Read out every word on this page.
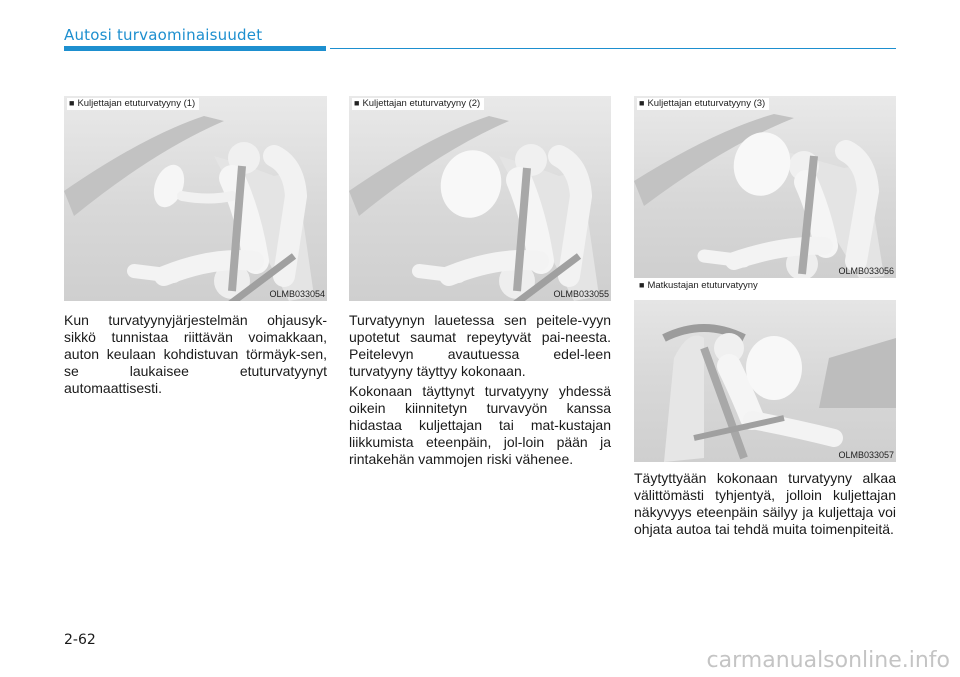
Autosi turvaominaisuudet
■ Kuljettajan etuturvatyyny (1)
OLMB033054
■ Kuljettajan etuturvatyyny (2)
OLMB033055
■ Kuljettajan etuturvatyyny (3)
OLMB033056
■ Matkustajan etuturvatyyny
OLMB033057

Kun turvatyynyjärjestelmän ohjausyk-sikkö tunnistaa riittävän voimakkaan, auton keulaan kohdistuvan törmäyk-sen, se laukaisee etuturvatyynyt automaattisesti.

Turvatyynyn lauetessa sen peitele-vyyn upotetut saumat repeytyvät pai-neesta. Peitelevyn avautuessa edel-leen turvatyyny täyttyy kokonaan.

Kokonaan täyttynyt turvatyyny yhdessä oikein kiinnitetyn turvavyön kanssa hidastaa kuljettajan tai mat-kustajan liikkumista eteenpäin, jol-loin pään ja rintakehän vammojen riski vähenee.

Täytyttyään kokonaan turvatyyny alkaa välittömästi tyhjentyä, jolloin kuljettajan näkyvyys eteenpäin säilyy ja kuljettaja voi ohjata autoa tai tehdä muita toimenpiteitä.

2-62
carmanualsonline.info
